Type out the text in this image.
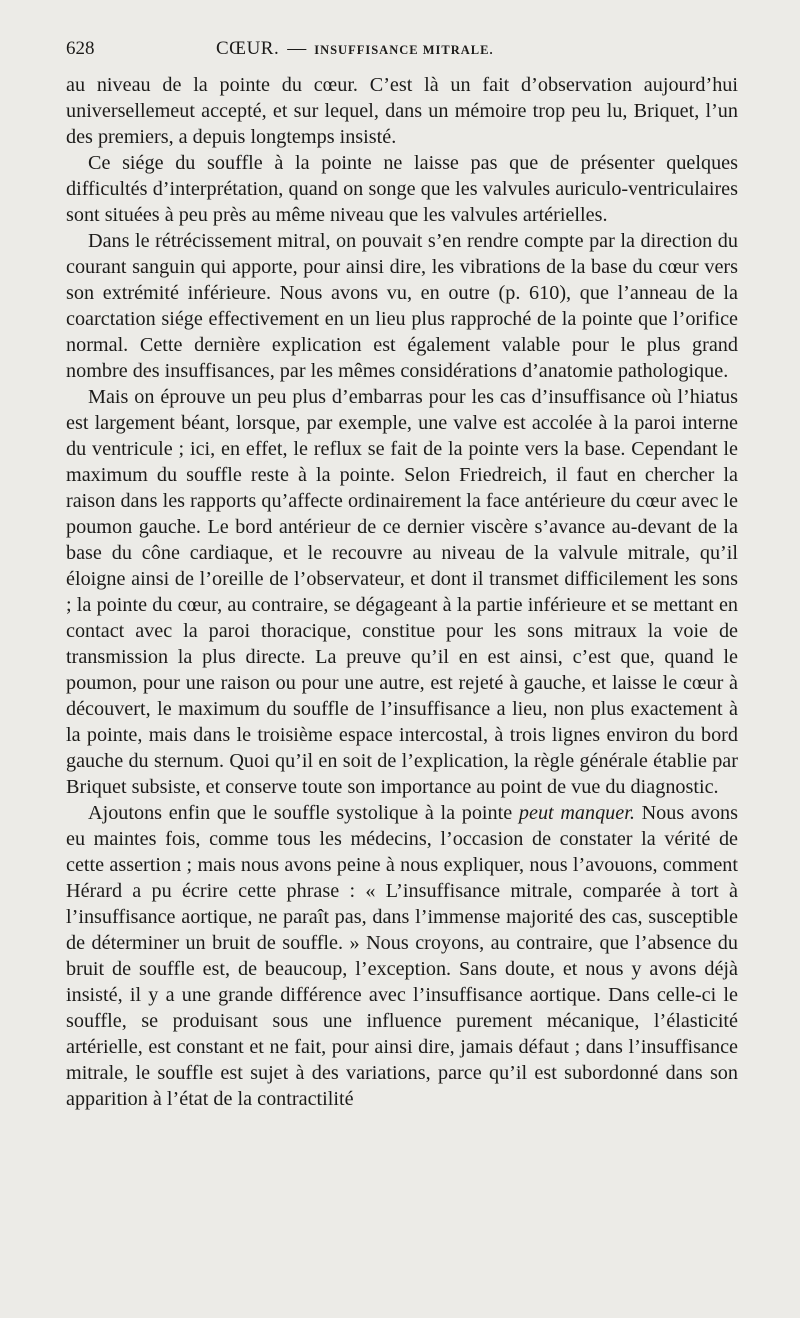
628	CŒUR. — INSUFFISANCE MITRALE.

au niveau de la pointe du cœur. C’est là un fait d’observation aujourd’hui universellemeut accepté, et sur lequel, dans un mémoire trop peu lu, Briquet, l’un des premiers, a depuis longtemps insisté.

Ce siége du souffle à la pointe ne laisse pas que de présenter quelques difficultés d’interprétation, quand on songe que les valvules auriculo-ventriculaires sont situées à peu près au même niveau que les valvules artérielles.

Dans le rétrécissement mitral, on pouvait s’en rendre compte par la direction du courant sanguin qui apporte, pour ainsi dire, les vibrations de la base du cœur vers son extrémité inférieure. Nous avons vu, en outre (p. 610), que l’anneau de la coarctation siége effectivement en un lieu plus rapproché de la pointe que l’orifice normal. Cette dernière explication est également valable pour le plus grand nombre des insuffisances, par les mêmes considérations d’anatomie pathologique.

Mais on éprouve un peu plus d’embarras pour les cas d’insuffisance où l’hiatus est largement béant, lorsque, par exemple, une valve est accolée à la paroi interne du ventricule ; ici, en effet, le reflux se fait de la pointe vers la base. Cependant le maximum du souffle reste à la pointe. Selon Friedreich, il faut en chercher la raison dans les rapports qu’affecte ordinairement la face antérieure du cœur avec le poumon gauche. Le bord antérieur de ce dernier viscère s’avance au-devant de la base du cône cardiaque, et le recouvre au niveau de la valvule mitrale, qu’il éloigne ainsi de l’oreille de l’observateur, et dont il transmet difficilement les sons ; la pointe du cœur, au contraire, se dégageant à la partie inférieure et se mettant en contact avec la paroi thoracique, constitue pour les sons mitraux la voie de transmission la plus directe. La preuve qu’il en est ainsi, c’est que, quand le poumon, pour une raison ou pour une autre, est rejeté à gauche, et laisse le cœur à découvert, le maximum du souffle de l’insuffisance a lieu, non plus exactement à la pointe, mais dans le troisième espace intercostal, à trois lignes environ du bord gauche du sternum. Quoi qu’il en soit de l’explication, la règle générale établie par Briquet subsiste, et conserve toute son importance au point de vue du diagnostic.

Ajoutons enfin que le souffle systolique à la pointe peut manquer. Nous avons eu maintes fois, comme tous les médecins, l’occasion de constater la vérité de cette assertion ; mais nous avons peine à nous expliquer, nous l’avouons, comment Hérard a pu écrire cette phrase : « L’insuffisance mitrale, comparée à tort à l’insuffisance aortique, ne paraît pas, dans l’immense majorité des cas, susceptible de déterminer un bruit de souffle. » Nous croyons, au contraire, que l’absence du bruit de souffle est, de beaucoup, l’exception. Sans doute, et nous y avons déjà insisté, il y a une grande différence avec l’insuffisance aortique. Dans celle-ci le souffle, se produisant sous une influence purement mécanique, l’élasticité artérielle, est constant et ne fait, pour ainsi dire, jamais défaut ; dans l’insuffisance mitrale, le souffle est sujet à des variations, parce qu’il est subordonné dans son apparition à l’état de la contractilité
